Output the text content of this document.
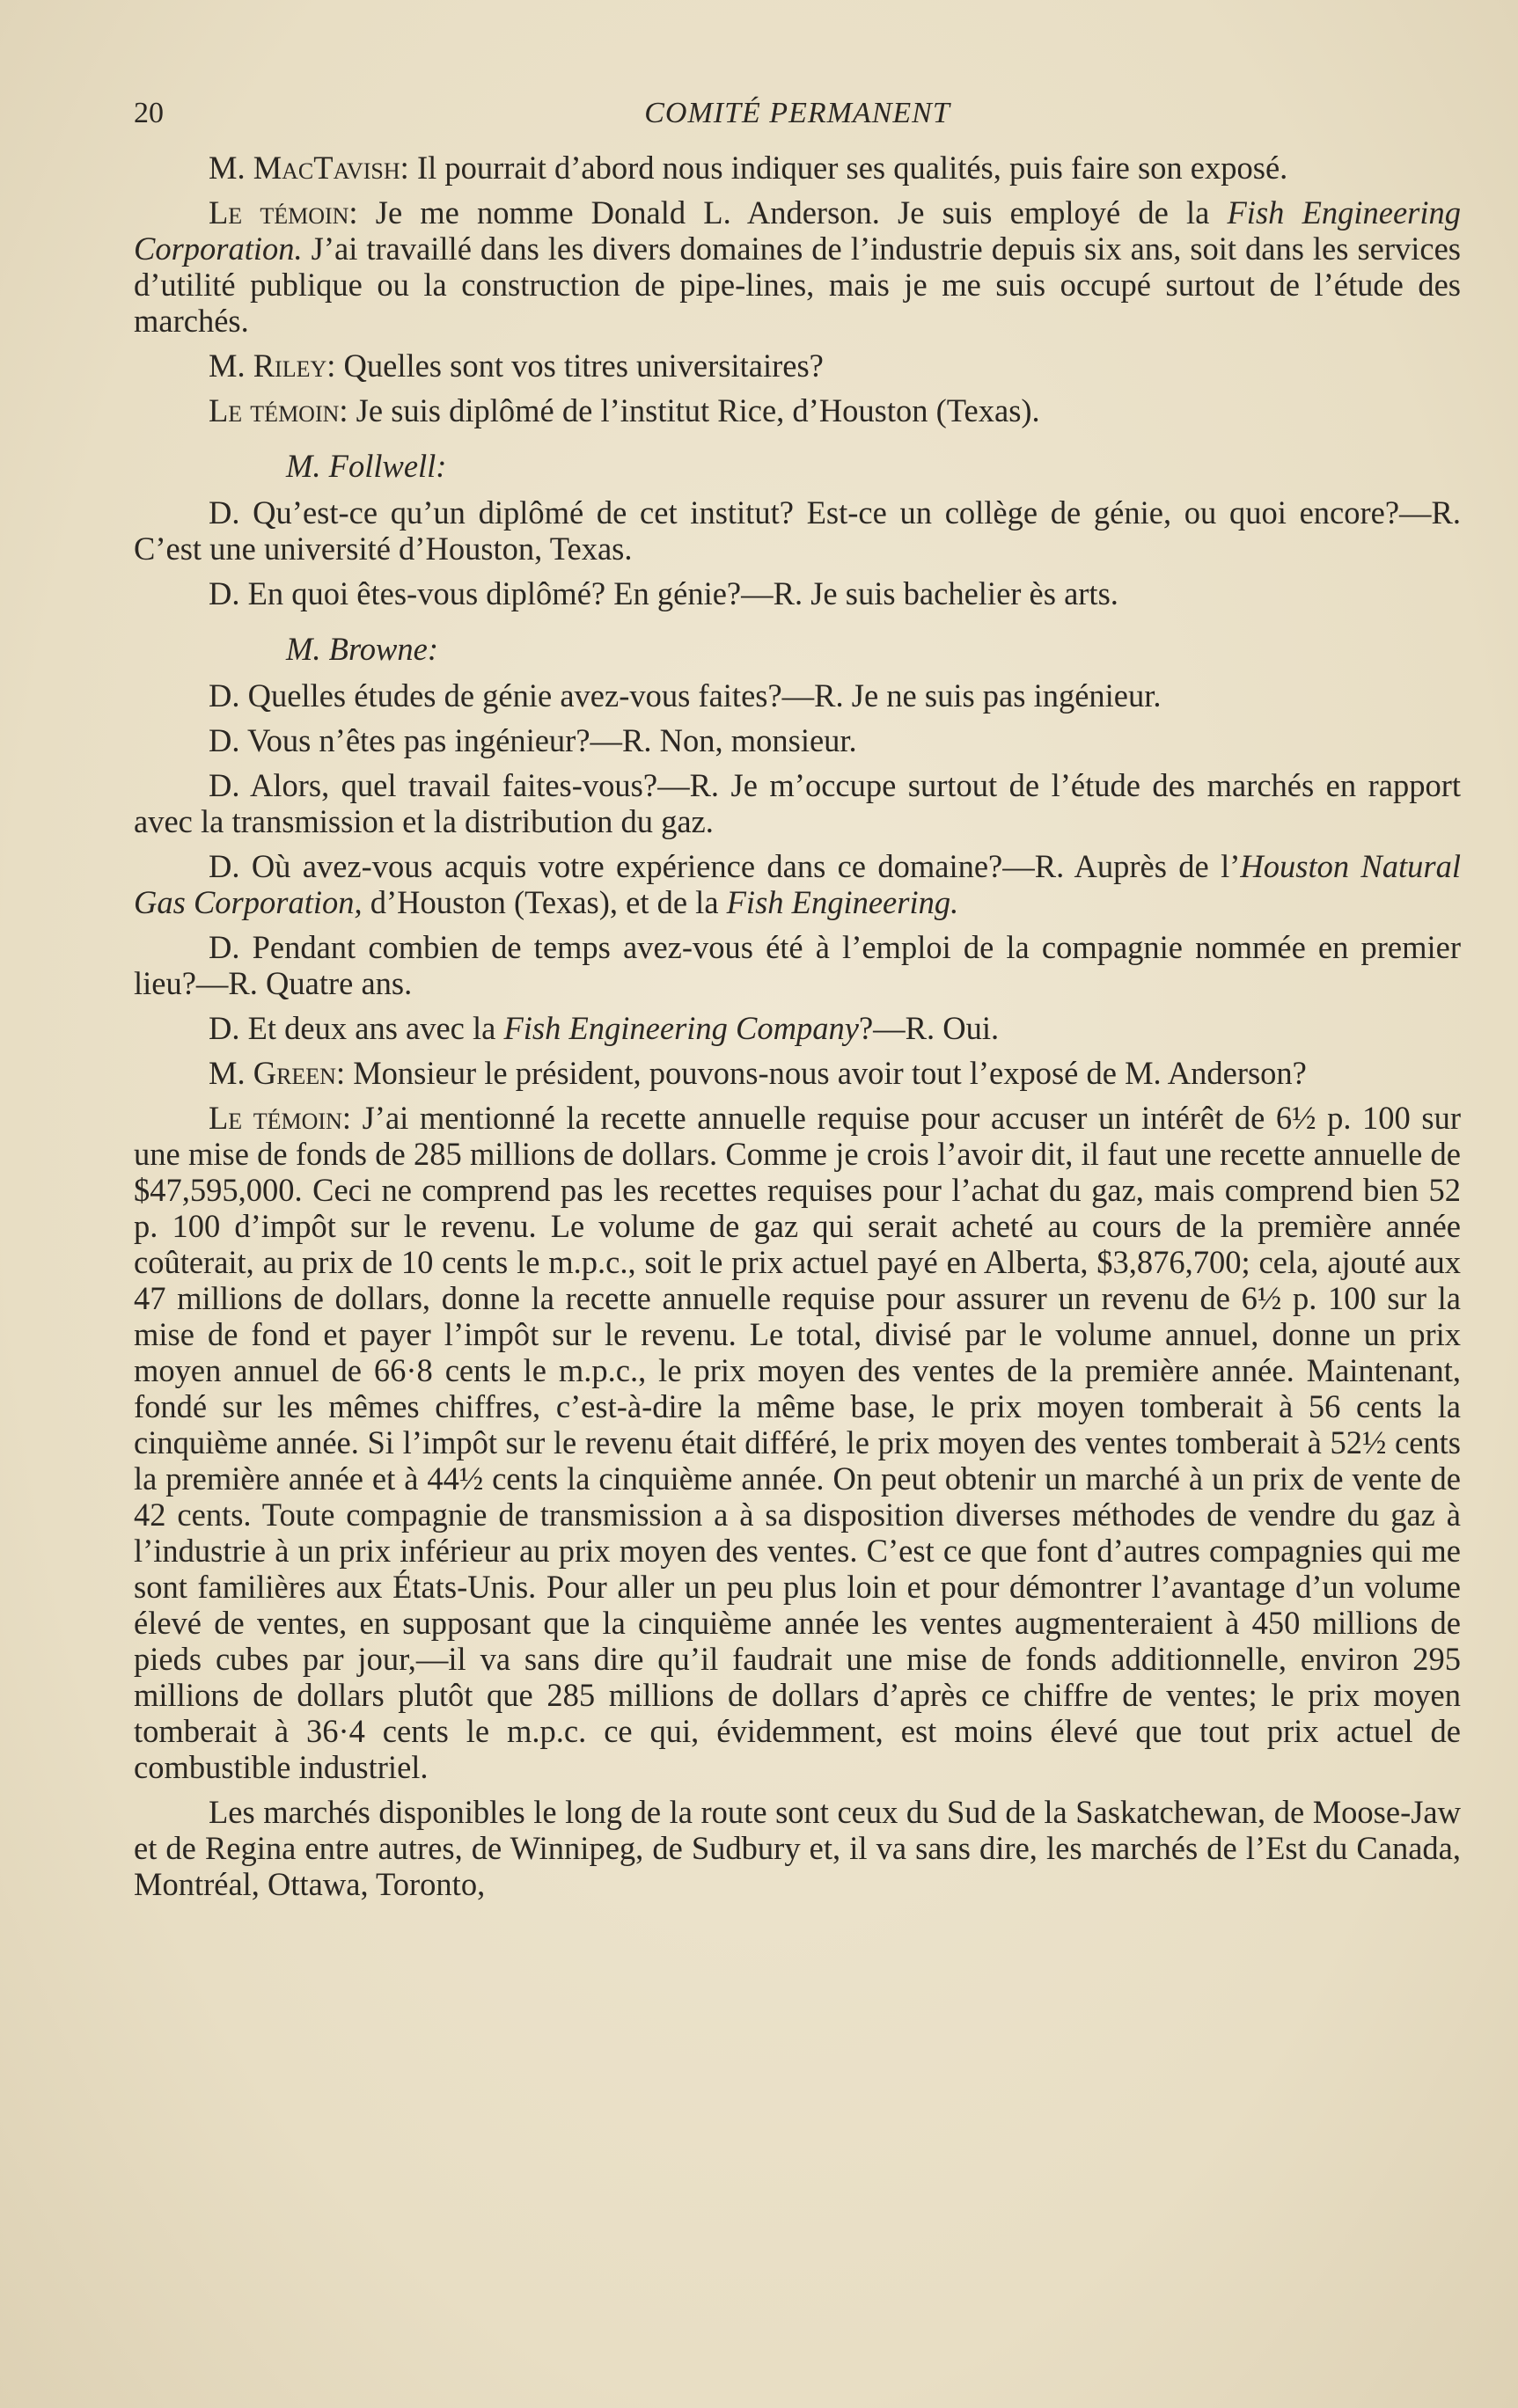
20	COMITÉ PERMANENT

M. MacTavish: Il pourrait d’abord nous indiquer ses qualités, puis faire son exposé.

Le témoin: Je me nomme Donald L. Anderson. Je suis employé de la Fish Engineering Corporation. J’ai travaillé dans les divers domaines de l’industrie depuis six ans, soit dans les services d’utilité publique ou la construction de pipe-lines, mais je me suis occupé surtout de l’étude des marchés.

M. Riley: Quelles sont vos titres universitaires?

Le témoin: Je suis diplômé de l’institut Rice, d’Houston (Texas).

M. Follwell:

D. Qu’est-ce qu’un diplômé de cet institut? Est-ce un collège de génie, ou quoi encore?—R. C’est une université d’Houston, Texas.

D. En quoi êtes-vous diplômé? En génie?—R. Je suis bachelier ès arts.

M. Browne:

D. Quelles études de génie avez-vous faites?—R. Je ne suis pas ingénieur.

D. Vous n’êtes pas ingénieur?—R. Non, monsieur.

D. Alors, quel travail faites-vous?—R. Je m’occupe surtout de l’étude des marchés en rapport avec la transmission et la distribution du gaz.

D. Où avez-vous acquis votre expérience dans ce domaine?—R. Auprès de l’Houston Natural Gas Corporation, d’Houston (Texas), et de la Fish Engineering.

D. Pendant combien de temps avez-vous été à l’emploi de la compagnie nommée en premier lieu?—R. Quatre ans.

D. Et deux ans avec la Fish Engineering Company?—R. Oui.

M. Green: Monsieur le président, pouvons-nous avoir tout l’exposé de M. Anderson?

Le témoin: J’ai mentionné la recette annuelle requise pour accuser un intérêt de 6½ p. 100 sur une mise de fonds de 285 millions de dollars. Comme je crois l’avoir dit, il faut une recette annuelle de $47,595,000. Ceci ne comprend pas les recettes requises pour l’achat du gaz, mais comprend bien 52 p. 100 d’impôt sur le revenu. Le volume de gaz qui serait acheté au cours de la première année coûterait, au prix de 10 cents le m.p.c., soit le prix actuel payé en Alberta, $3,876,700; cela, ajouté aux 47 millions de dollars, donne la recette annuelle requise pour assurer un revenu de 6½ p. 100 sur la mise de fond et payer l’impôt sur le revenu. Le total, divisé par le volume annuel, donne un prix moyen annuel de 66·8 cents le m.p.c., le prix moyen des ventes de la première année. Maintenant, fondé sur les mêmes chiffres, c’est-à-dire la même base, le prix moyen tomberait à 56 cents la cinquième année. Si l’impôt sur le revenu était différé, le prix moyen des ventes tomberait à 52½ cents la première année et à 44½ cents la cinquième année. On peut obtenir un marché à un prix de vente de 42 cents. Toute compagnie de transmission a à sa disposition diverses méthodes de vendre du gaz à l’industrie à un prix inférieur au prix moyen des ventes. C’est ce que font d’autres compagnies qui me sont familières aux États-Unis. Pour aller un peu plus loin et pour démontrer l’avantage d’un volume élevé de ventes, en supposant que la cinquième année les ventes augmenteraient à 450 millions de pieds cubes par jour,—il va sans dire qu’il faudrait une mise de fonds additionnelle, environ 295 millions de dollars plutôt que 285 millions de dollars d’après ce chiffre de ventes; le prix moyen tomberait à 36·4 cents le m.p.c. ce qui, évidemment, est moins élevé que tout prix actuel de combustible industriel.

Les marchés disponibles le long de la route sont ceux du Sud de la Saskatchewan, de Moose-Jaw et de Regina entre autres, de Winnipeg, de Sudbury et, il va sans dire, les marchés de l’Est du Canada, Montréal, Ottawa, Toronto,
